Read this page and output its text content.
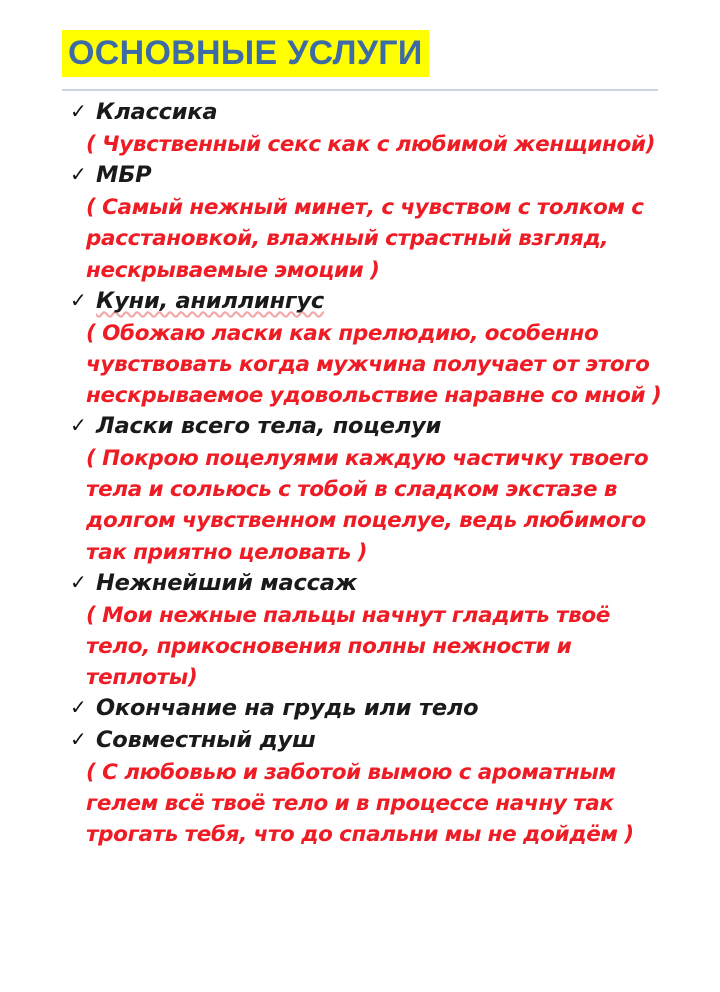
ОСНОВНЫЕ УСЛУГИ
✓ Классика
( Чувственный секс как с любимой женщиной)
✓ МБР
( Самый нежный минет, с чувством с толком с расстановкой, влажный страстный взгляд, нескрываемые эмоции )
✓ Куни, аниллингус
( Обожаю ласки как прелюдию, особенно чувствовать когда мужчина получает от этого нескрываемое удовольствие наравне со мной )
✓ Ласки всего тела, поцелуи
( Покрою поцелуями каждую частичку твоего тела и сольюсь с тобой в сладком экстазе в долгом чувственном поцелуе, ведь любимого так приятно целовать )
✓ Нежнейший массаж
( Мои нежные пальцы начнут гладить твоё тело, прикосновения полны нежности и теплоты)
✓ Окончание на грудь или тело
✓ Совместный душ
( С любовью и заботой вымою с ароматным гелем всё твоё тело и в процессе начну так трогать тебя, что до спальни мы не дойдём )
